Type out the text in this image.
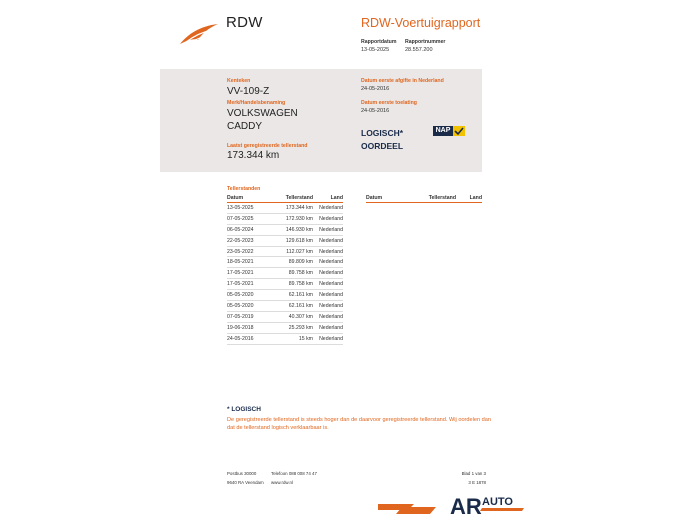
RDW	RDW-Voertuigrapport
Rapportdatum
13-05-2025
Rapportnummer
28.557.200
Kenteken
VV-109-Z
Merk/Handelsbenaming
VOLKSWAGEN
CADDY
Laatst geregistreerde tellerstand
173.344 km
Datum eerste afgifte in Nederland
24-05-2016
Datum eerste toelating
24-05-2016
LOGISCH*
OORDEEL
NAP
Tellerstanden
Datum	Tellerstand	Land
13-05-2025	173.344 km	Nederland
07-05-2025	172.930 km	Nederland
06-05-2024	146.930 km	Nederland
22-05-2023	129.618 km	Nederland
23-05-2022	112.027 km	Nederland
18-05-2021	89.809 km	Nederland
17-05-2021	89.758 km	Nederland
17-05-2021	89.758 km	Nederland
05-05-2020	62.161 km	Nederland
05-05-2020	62.161 km	Nederland
07-05-2019	40.307 km	Nederland
19-06-2018	25.293 km	Nederland
24-05-2016	15 km	Nederland
Datum	Tellerstand	Land
* LOGISCH
De geregistreerde tellerstand is steeds hoger dan de daarvoor geregistreerde tellerstand. Wij oordelen dan
dat de tellerstand logisch verklaarbaar is.
Postbus 30000
9640 RA Veendam
Telefoon 088 008 74 47
www.rdw.nl
Blad 1 van 3
3 E 1878
AR AUTO
